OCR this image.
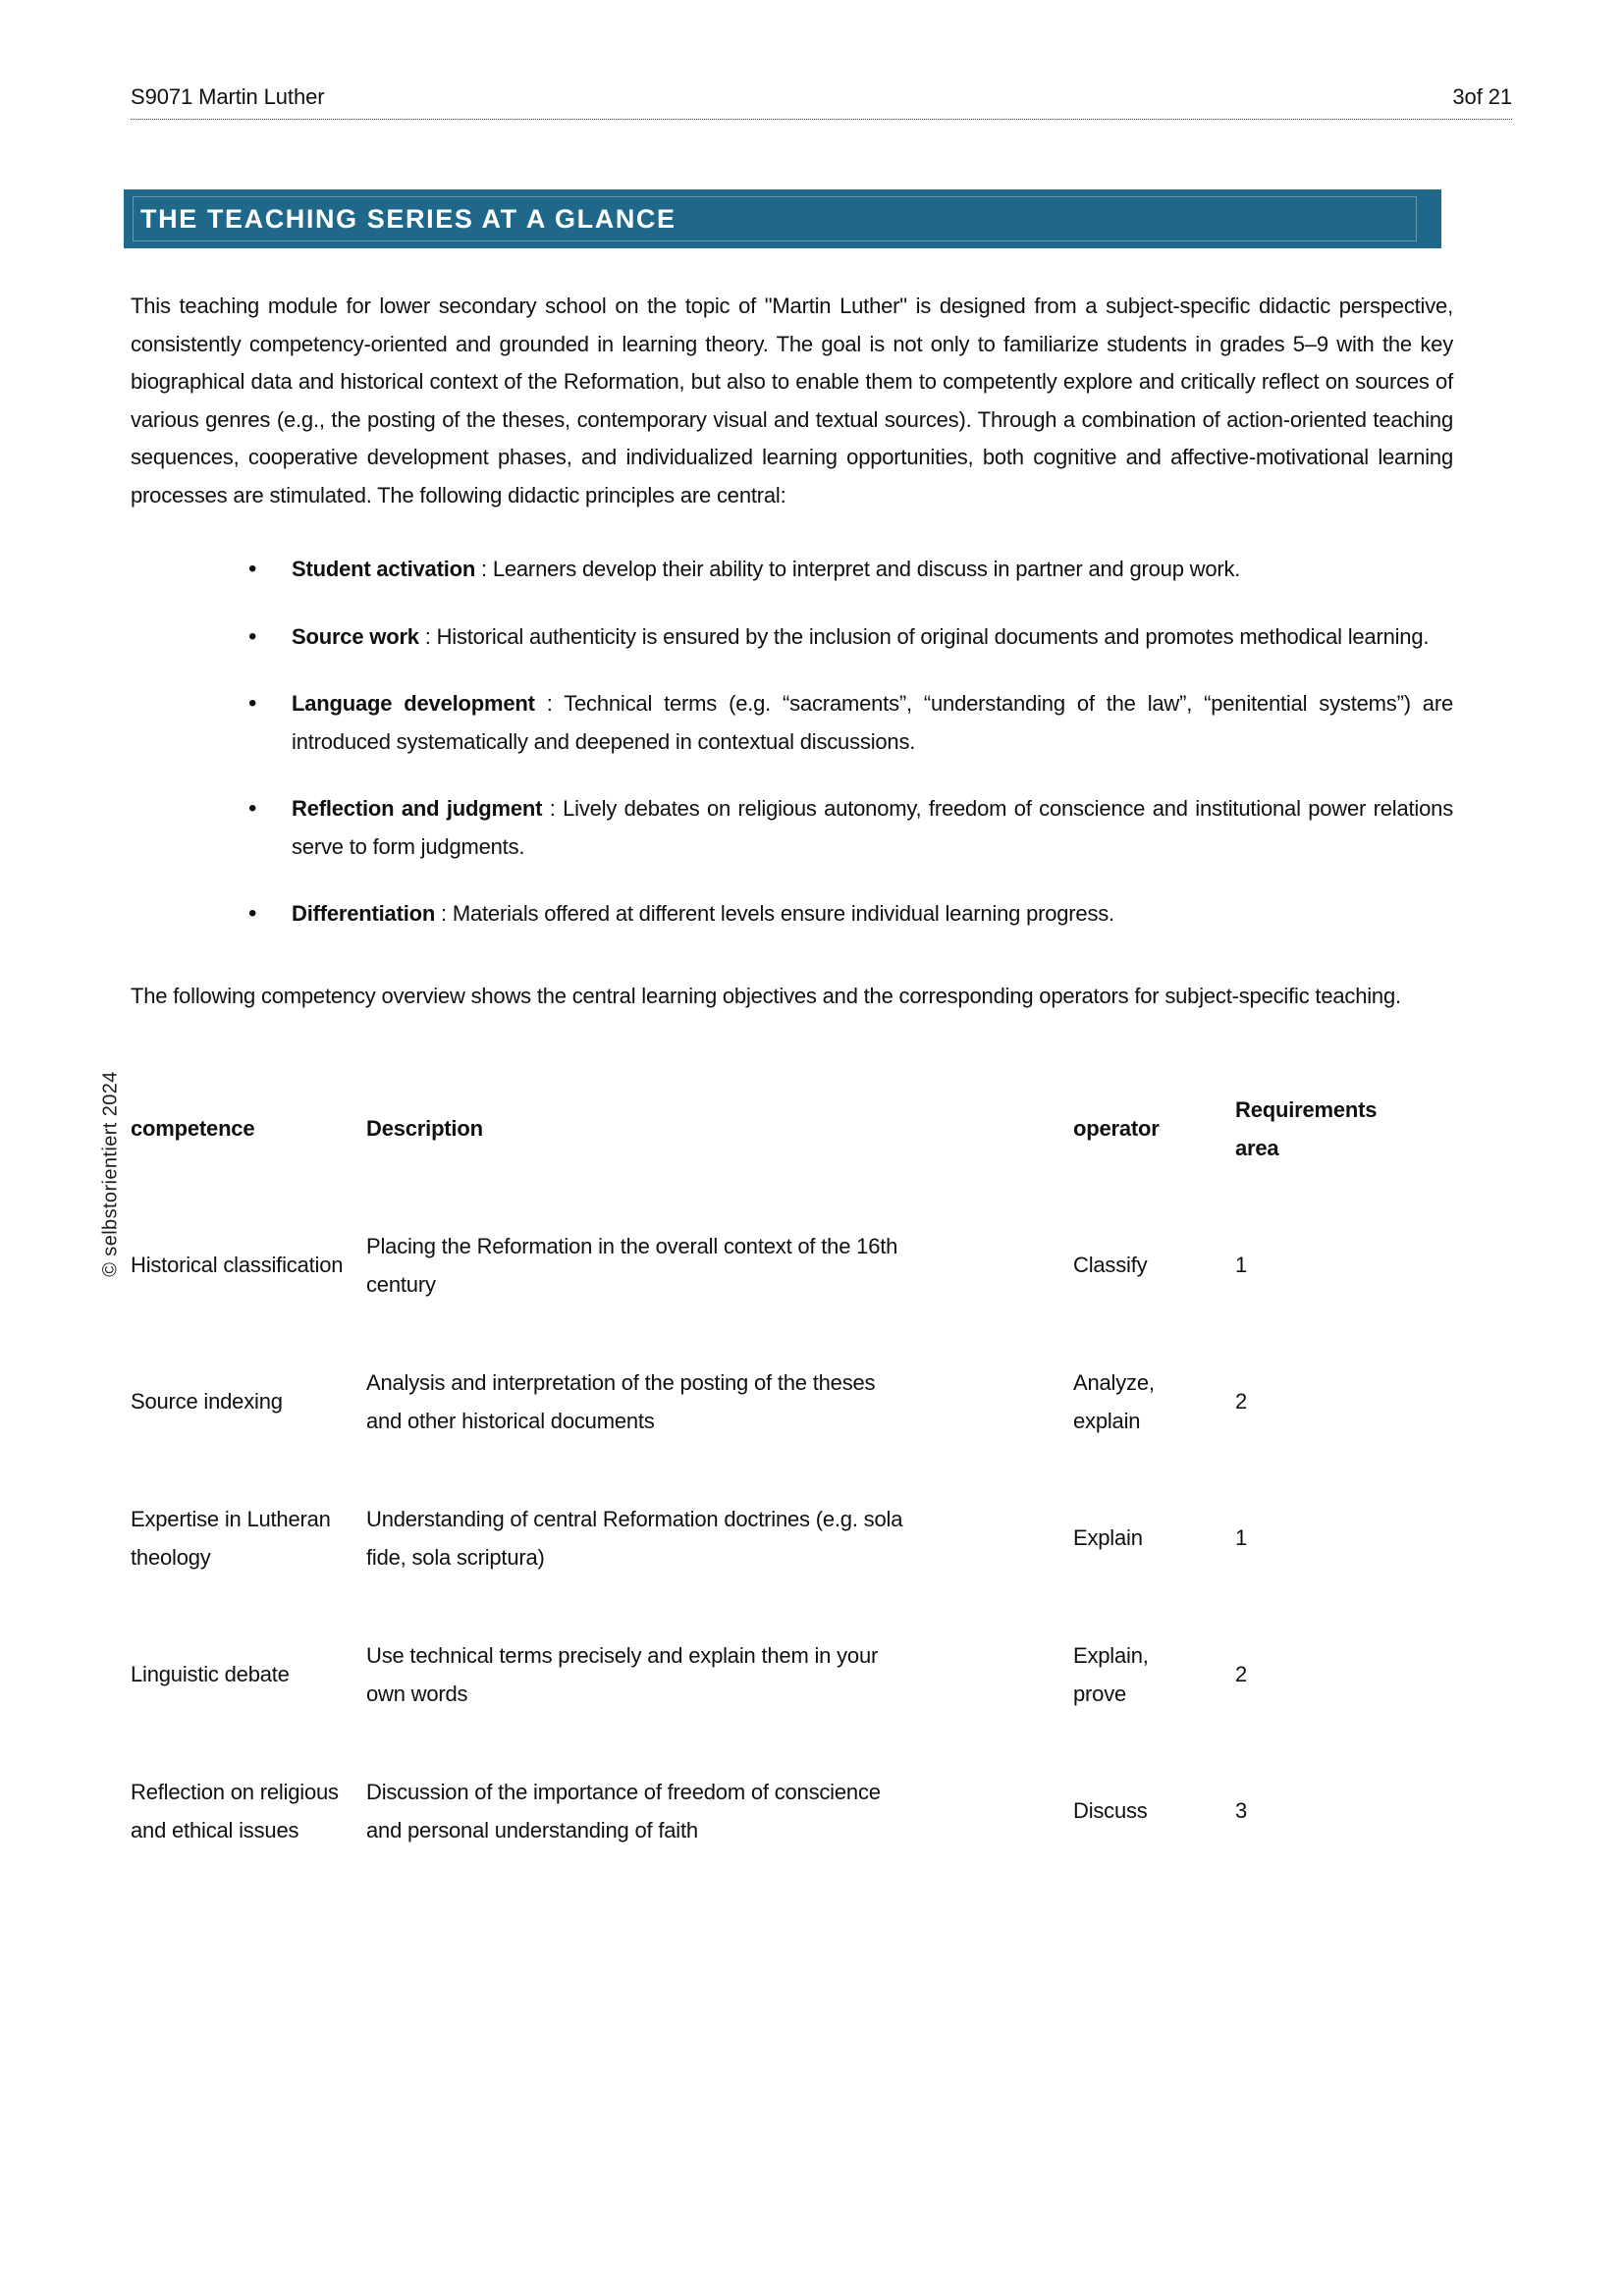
S9071 Martin Luther	3of 21
THE TEACHING SERIES AT A GLANCE

This teaching module for lower secondary school on the topic of "Martin Luther" is designed from a subject-specific didactic perspective, consistently competency-oriented and grounded in learning theory. The goal is not only to familiarize students in grades 5–9 with the key biographical data and historical context of the Reformation, but also to enable them to competently explore and critically reflect on sources of various genres (e.g., the posting of the theses, contemporary visual and textual sources). Through a combination of action-oriented teaching sequences, cooperative development phases, and individualized learning opportunities, both cognitive and affective-motivational learning processes are stimulated. The following didactic principles are central:

•
Student activation : Learners develop their ability to interpret and discuss in partner and group work.
•
Source work : Historical authenticity is ensured by the inclusion of original documents and promotes methodical learning.
•
Language development : Technical terms (e.g. “sacraments”, “understanding of the law”, “penitential systems”) are introduced systematically and deepened in contextual discussions.
•
Reflection and judgment : Lively debates on religious autonomy, freedom of conscience and institutional power relations serve to form judgments.
•
Differentiation : Materials offered at different levels ensure individual learning progress.

The following competency overview shows the central learning objectives and the corresponding operators for subject-specific teaching.

competence	Description	operator	Requirements area
Historical classification	Placing the Reformation in the overall context of the 16th century	Classify	1
Source indexing	Analysis and interpretation of the posting of the theses and other historical documents	Analyze, explain	2
Expertise in Lutheran theology	Understanding of central Reformation doctrines (e.g. sola fide, sola scriptura)	Explain	1
Linguistic debate	Use technical terms precisely and explain them in your own words	Explain, prove	2
Reflection on religious and ethical issues	Discussion of the importance of freedom of conscience and personal understanding of faith	Discuss	3
© selbstorientiert 2024
